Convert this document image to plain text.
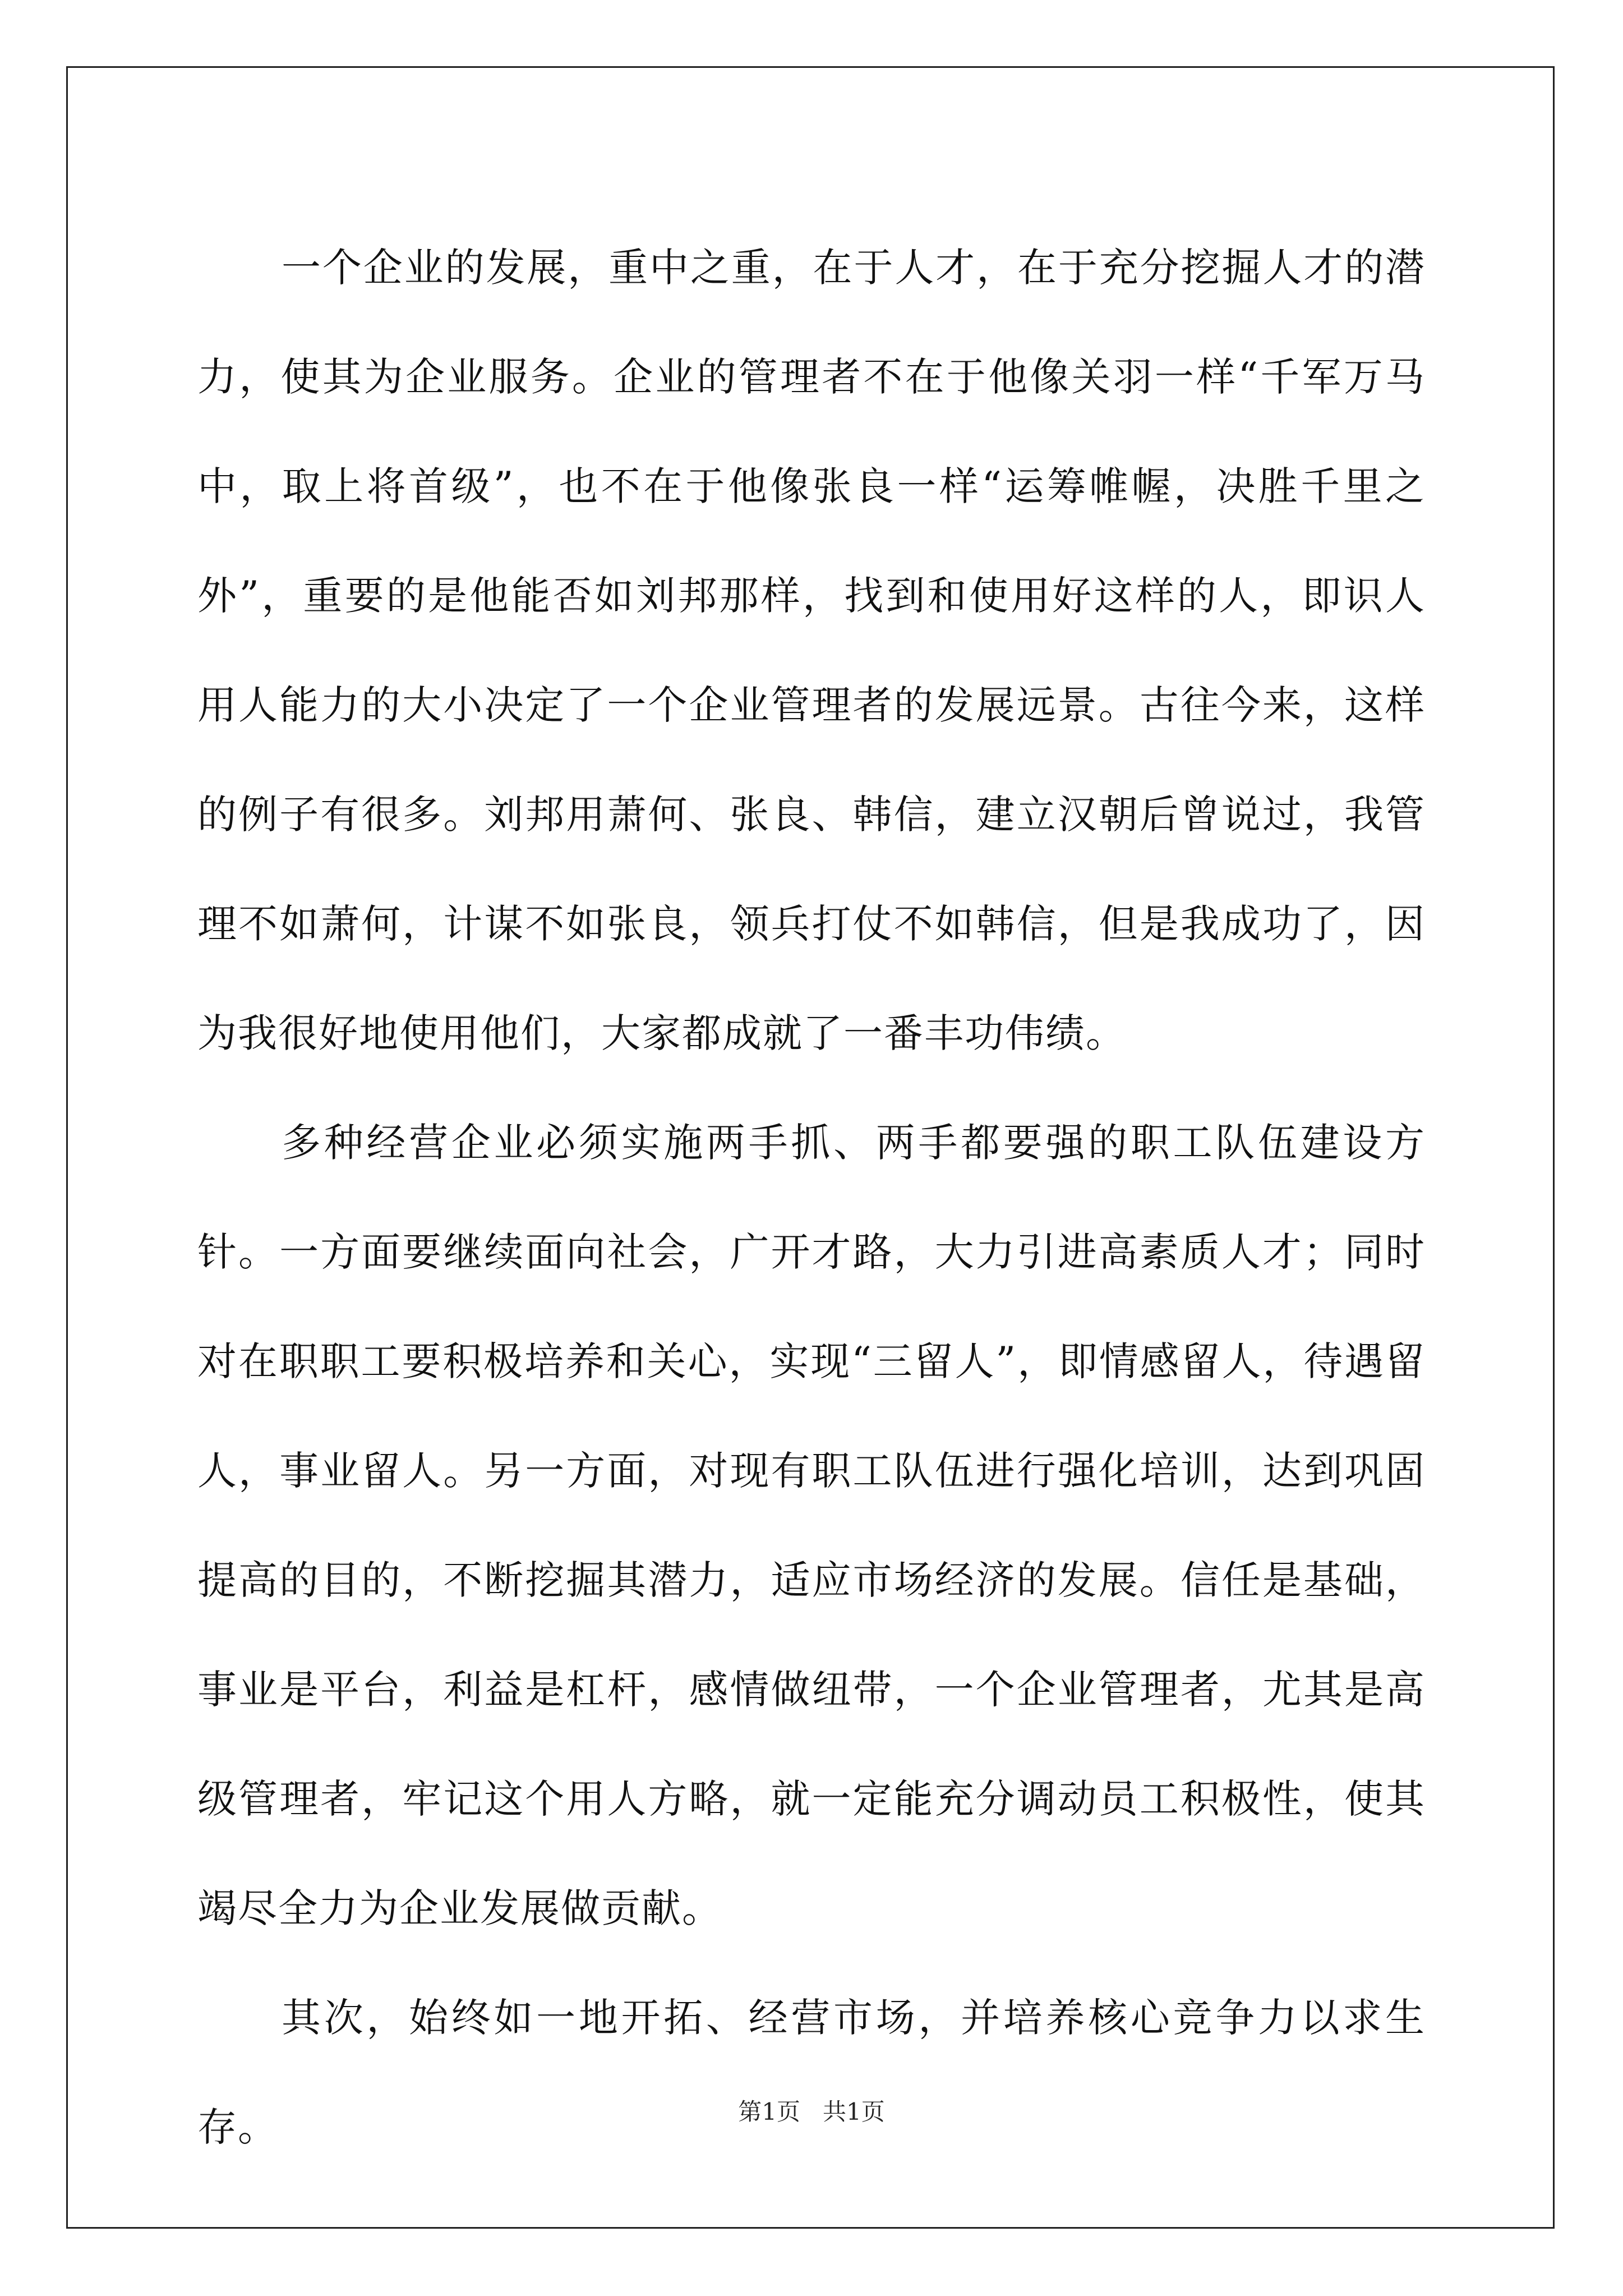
一个企业的发展，重中之重，在于人才，在于充分挖掘人才的潜力，使其为企业服务。企业的管理者不在于他像关羽一样“千军万马中，取上将首级”，也不在于他像张良一样“运筹帷幄，决胜千里之外”，重要的是他能否如刘邦那样，找到和使用好这样的人，即识人用人能力的大小决定了一个企业管理者的发展远景。古往今来，这样的例子有很多。刘邦用萧何、张良、韩信，建立汉朝后曾说过，我管理不如萧何，计谋不如张良，领兵打仗不如韩信，但是我成功了，因为我很好地使用他们，大家都成就了一番丰功伟绩。

多种经营企业必须实施两手抓、两手都要强的职工队伍建设方针。一方面要继续面向社会，广开才路，大力引进高素质人才；同时对在职职工要积极培养和关心，实现“三留人”，即情感留人，待遇留人，事业留人。另一方面，对现有职工队伍进行强化培训，达到巩固提高的目的，不断挖掘其潜力，适应市场经济的发展。信任是基础，事业是平台，利益是杠杆，感情做纽带，一个企业管理者，尤其是高级管理者，牢记这个用人方略，就一定能充分调动员工积极性，使其竭尽全力为企业发展做贡献。

其次，始终如一地开拓、经营市场，并培养核心竞争力以求生存。	第1页   共1页
